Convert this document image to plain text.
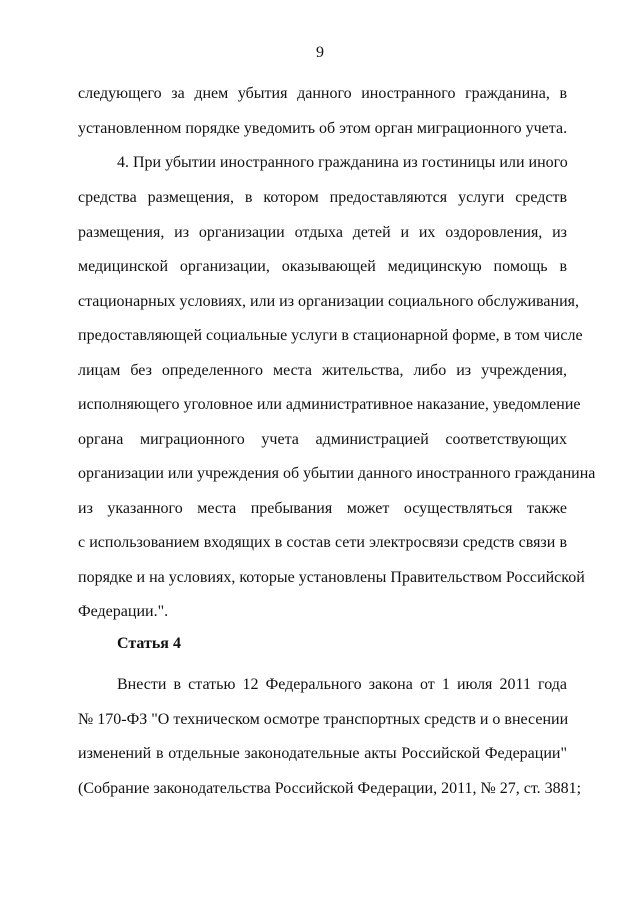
9
следующего за днем убытия данного иностранного гражданина, в
установленном порядке уведомить об этом орган миграционного учета.
4. При убытии иностранного гражданина из гостиницы или иного
средства размещения, в котором предоставляются услуги средств
размещения, из организации отдыха детей и их оздоровления, из
медицинской организации, оказывающей медицинскую помощь в
стационарных условиях, или из организации социального обслуживания,
предоставляющей социальные услуги в стационарной форме, в том числе
лицам без определенного места жительства, либо из учреждения,
исполняющего уголовное или административное наказание, уведомление
органа миграционного учета администрацией соответствующих
организации или учреждения об убытии данного иностранного гражданина
из указанного места пребывания может осуществляться также
с использованием входящих в состав сети электросвязи средств связи в
порядке и на условиях, которые установлены Правительством Российской
Федерации.".
Статья 4
Внести в статью 12 Федерального закона от 1 июля 2011 года
№ 170-ФЗ "О техническом осмотре транспортных средств и о внесении
изменений в отдельные законодательные акты Российской Федерации"
(Собрание законодательства Российской Федерации, 2011, № 27, ст. 3881;
